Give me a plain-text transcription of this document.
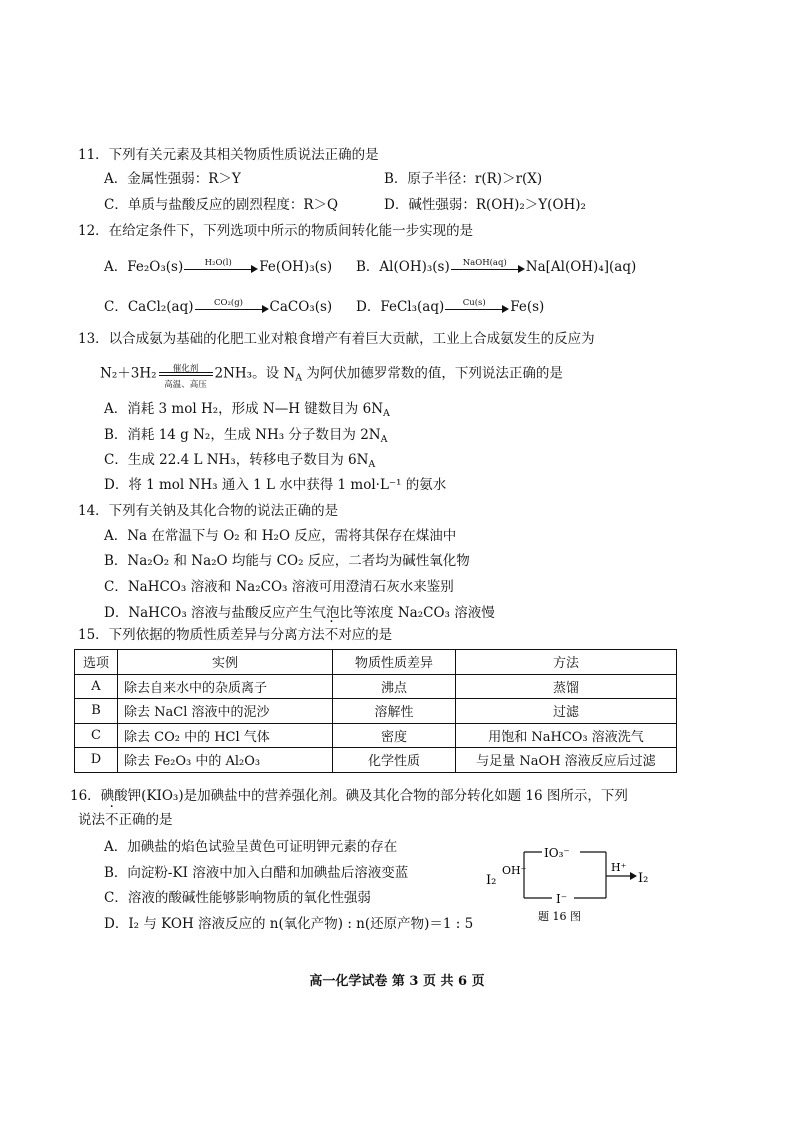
11．下列有关元素及其相关物质性质说法正确的是
A．金属性强弱：R＞Y	B．原子半径：r(R)＞r(X)
C．单质与盐酸反应的剧烈程度：R＞Q	D．碱性强弱：R(OH)₂＞Y(OH)₂
12．在给定条件下，下列选项中所示的物质间转化能一步实现的是
A．Fe₂O₃(s)	H₂O(l)	Fe(OH)₃(s) B．Al(OH)₃(s)	NaOH(aq)	Na[Al(OH)₄](aq)
C．CaCl₂(aq)	CO₂(g)	CaCO₃(s) D．FeCl₃(aq)	Cu(s)	Fe(s)
13．以合成氨为基础的化肥工业对粮食增产有着巨大贡献，工业上合成氨发生的反应为
N₂＋3H₂	催化剂
高温、高压
2NH₃。设 $N_A$ 为阿伏加德罗常数的值，下列说法正确的是
A．消耗 3 mol H₂，形成 N—H 键数目为 $6N_A$
B．消耗 14 g N₂，生成 NH₃ 分子数目为 $2N_A$
C．生成 22.4 L NH₃，转移电子数目为 $6N_A$
D．将 1 mol NH₃ 通入 1 L 水中获得 1 mol·L⁻¹ 的氨水
14．下列有关钠及其化合物的说法正确的是
A．Na 在常温下与 O₂ 和 H₂O 反应，需将其保存在煤油中
B．Na₂O₂ 和 Na₂O 均能与 CO₂ 反应，二者均为碱性氧化物
C．NaHCO₃ 溶液和 Na₂CO₃ 溶液可用澄清石灰水来鉴别
D．NaHCO₃ 溶液与盐酸反应产生气泡比等浓度 Na₂CO₃ 溶液慢
15．下列依据的物质性质差异与分离方法不对应的是
选项	实例	物质性质差异	方法
A	除去自来水中的杂质离子	沸点	蒸馏
B	除去 NaCl 溶液中的泥沙	溶解性	过滤
C	除去 CO₂ 中的 HCl 气体	密度	用饱和 NaHCO₃ 溶液洗气
D	除去 Fe₂O₃ 中的 Al₂O₃	化学性质	与足量 NaOH 溶液反应后过滤
16．碘酸钾(KIO₃)是加碘盐中的营养强化剂。碘及其化合物的部分转化如题 16 图所示，下列
说法不正确的是
A．加碘盐的焰色试验呈黄色可证明钾元素的存在
B．向淀粉-KI 溶液中加入白醋和加碘盐后溶液变蓝
C．溶液的酸碱性能够影响物质的氧化性强弱
D．I₂ 与 KOH 溶液反应的 n(氧化产物) : n(还原产物)＝1 : 5
I₂
OH⁻
IO₃⁻
I⁻
H⁺
I₂
题 16 图
高一化学试卷 第 3 页 共 6 页
